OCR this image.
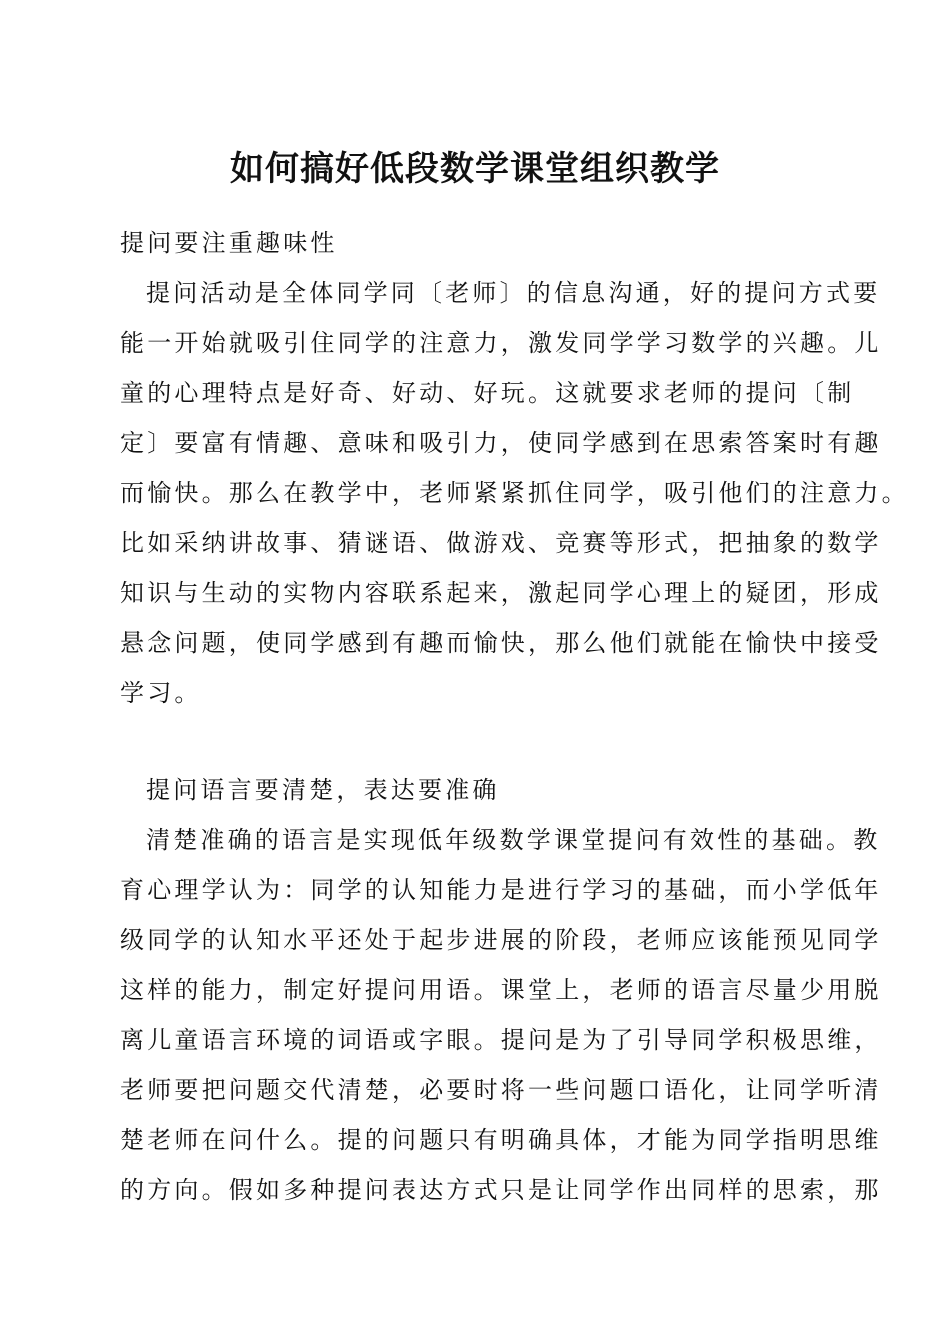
如何搞好低段数学课堂组织教学
提问要注重趣味性
提问活动是全体同学同〔老师〕的信息沟通，好的提问方式要
能一开始就吸引住同学的注意力，激发同学学习数学的兴趣。儿
童的心理特点是好奇、好动、好玩。这就要求老师的提问〔制
定〕要富有情趣、意味和吸引力，使同学感到在思索答案时有趣
而愉快。那么在教学中，老师紧紧抓住同学，吸引他们的注意力。
比如采纳讲故事、猜谜语、做游戏、竞赛等形式，把抽象的数学
知识与生动的实物内容联系起来，激起同学心理上的疑团，形成
悬念问题，使同学感到有趣而愉快，那么他们就能在愉快中接受
学习。
提问语言要清楚，表达要准确
清楚准确的语言是实现低年级数学课堂提问有效性的基础。教
育心理学认为：同学的认知能力是进行学习的基础，而小学低年
级同学的认知水平还处于起步进展的阶段，老师应该能预见同学
这样的能力，制定好提问用语。课堂上，老师的语言尽量少用脱
离儿童语言环境的词语或字眼。提问是为了引导同学积极思维，
老师要把问题交代清楚，必要时将一些问题口语化，让同学听清
楚老师在问什么。提的问题只有明确具体，才能为同学指明思维
的方向。假如多种提问表达方式只是让同学作出同样的思索，那
